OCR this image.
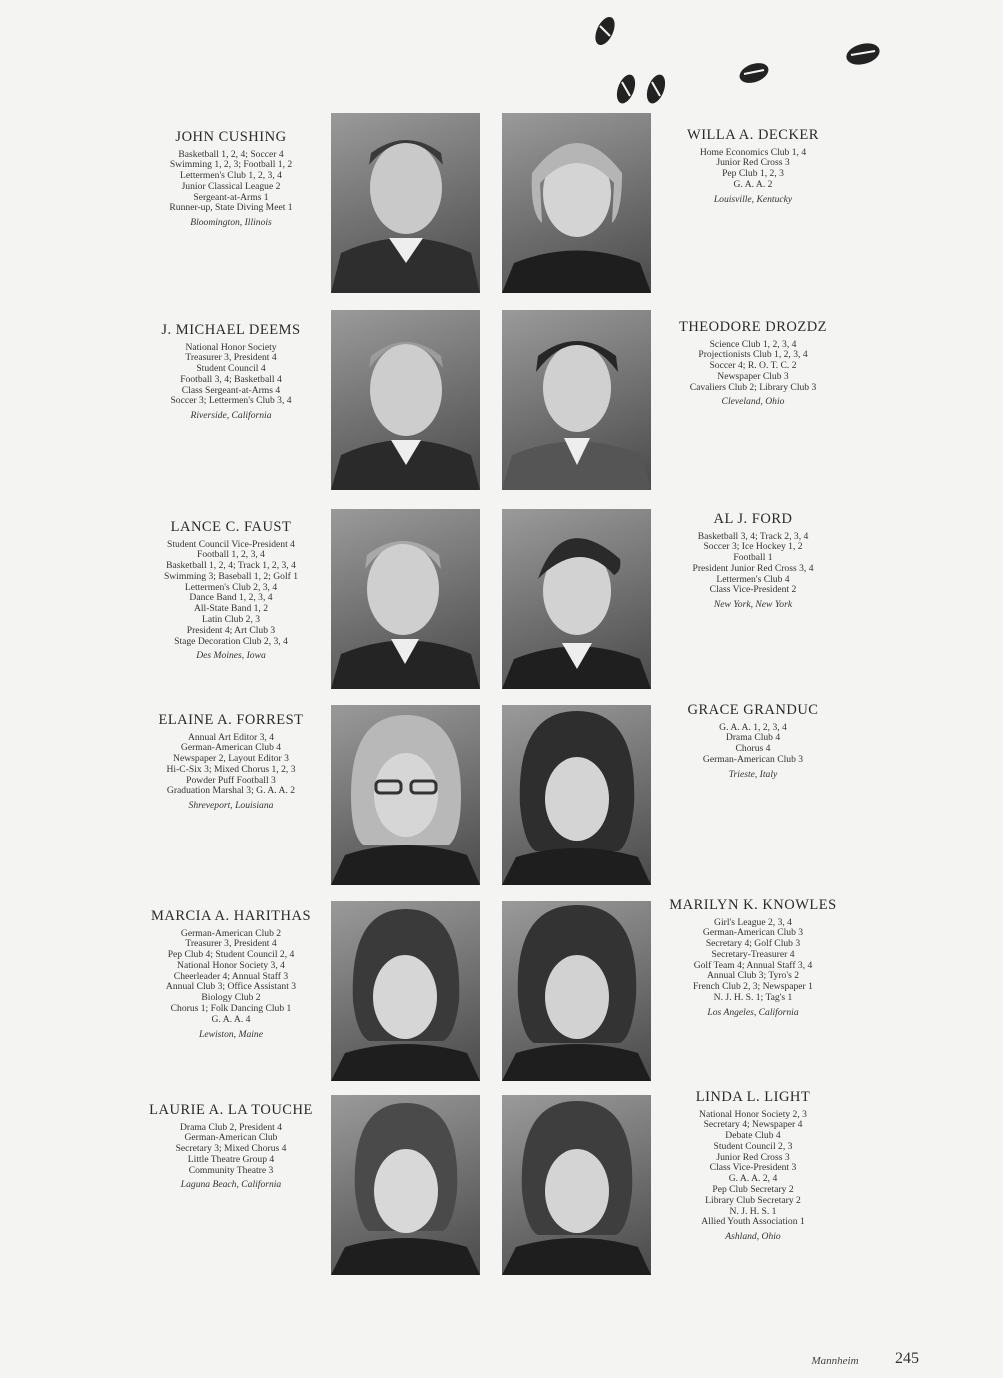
JOHN CUSHING
Basketball 1, 2, 4; Soccer 4
Swimming 1, 2, 3; Football 1, 2
Lettermen's Club 1, 2, 3, 4
Junior Classical League 2
Sergeant-at-Arms 1
Runner-up, State Diving Meet 1
Bloomington, Illinois
WILLA A. DECKER
Home Economics Club 1, 4
Junior Red Cross 3
Pep Club 1, 2, 3
G. A. A. 2
Louisville, Kentucky
J. MICHAEL DEEMS
National Honor Society
Treasurer 3, President 4
Student Council 4
Football 3, 4; Basketball 4
Class Sergeant-at-Arms 4
Soccer 3; Lettermen's Club 3, 4
Riverside, California
THEODORE DROZDZ
Science Club 1, 2, 3, 4
Projectionists Club 1, 2, 3, 4
Soccer 4; R. O. T. C. 2
Newspaper Club 3
Cavaliers Club 2; Library Club 3
Cleveland, Ohio
LANCE C. FAUST
Student Council Vice-President 4
Football 1, 2, 3, 4
Basketball 1, 2, 4; Track 1, 2, 3, 4
Swimming 3; Baseball 1, 2; Golf 1
Lettermen's Club 2, 3, 4
Dance Band 1, 2, 3, 4
All-State Band 1, 2
Latin Club 2, 3
President 4; Art Club 3
Stage Decoration Club 2, 3, 4
Des Moines, Iowa
AL J. FORD
Basketball 3, 4; Track 2, 3, 4
Soccer 3; Ice Hockey 1, 2
Football 1
President Junior Red Cross 3, 4
Lettermen's Club 4
Class Vice-President 2
New York, New York
ELAINE A. FORREST
Annual Art Editor 3, 4
German-American Club 4
Newspaper 2, Layout Editor 3
Hi-C-Six 3; Mixed Chorus 1, 2, 3
Powder Puff Football 3
Graduation Marshal 3; G. A. A. 2
Shreveport, Louisiana
GRACE GRANDUC
G. A. A. 1, 2, 3, 4
Drama Club 4
Chorus 4
German-American Club 3
Trieste, Italy
MARCIA A. HARITHAS
German-American Club 2
Treasurer 3, President 4
Pep Club 4; Student Council 2, 4
National Honor Society 3, 4
Cheerleader 4; Annual Staff 3
Annual Club 3; Office Assistant 3
Biology Club 2
Chorus 1; Folk Dancing Club 1
G. A. A. 4
Lewiston, Maine
MARILYN K. KNOWLES
Girl's League 2, 3, 4
German-American Club 3
Secretary 4; Golf Club 3
Secretary-Treasurer 4
Golf Team 4; Annual Staff 3, 4
Annual Club 3; Tyro's 2
French Club 2, 3; Newspaper 1
N. J. H. S. 1; Tag's 1
Los Angeles, California
LAURIE A. LA TOUCHE
Drama Club 2, President 4
German-American Club
Secretary 3; Mixed Chorus 4
Little Theatre Group 4
Community Theatre 3
Laguna Beach, California
LINDA L. LIGHT
National Honor Society 2, 3
Secretary 4; Newspaper 4
Debate Club 4
Student Council 2, 3
Junior Red Cross 3
Class Vice-President 3
G. A. A. 2, 4
Pep Club Secretary 2
Library Club Secretary 2
N. J. H. S. 1
Allied Youth Association 1
Ashland, Ohio
Mannheim	245
